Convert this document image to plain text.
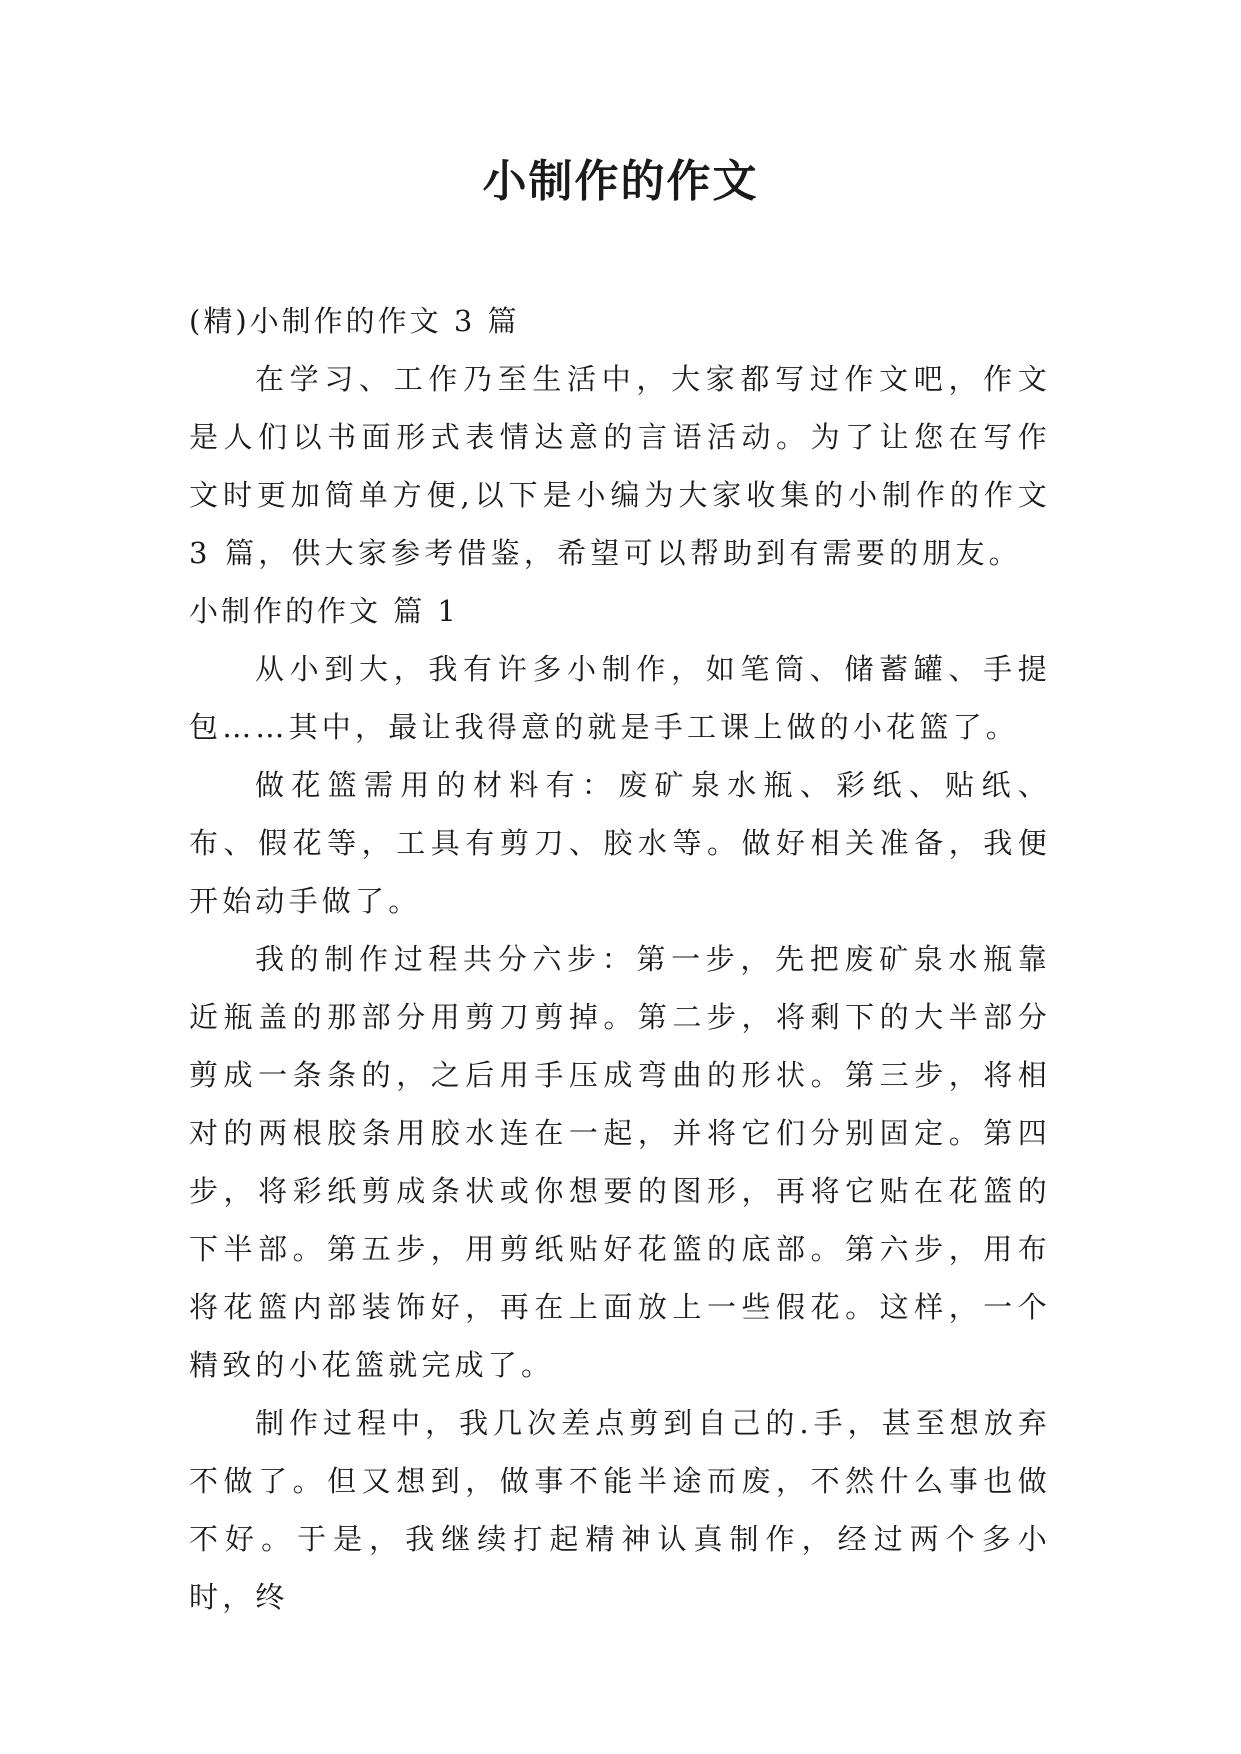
小制作的作文

(精)小制作的作文 3 篇

在学习、工作乃至生活中，大家都写过作文吧，作文是人们以书面形式表情达意的言语活动。为了让您在写作文时更加简单方便,以下是小编为大家收集的小制作的作文 3 篇，供大家参考借鉴，希望可以帮助到有需要的朋友。

小制作的作文 篇 1

从小到大，我有许多小制作，如笔筒、储蓄罐、手提包……其中，最让我得意的就是手工课上做的小花篮了。

做花篮需用的材料有：废矿泉水瓶、彩纸、贴纸、布、假花等，工具有剪刀、胶水等。做好相关准备，我便开始动手做了。

我的制作过程共分六步：第一步，先把废矿泉水瓶靠近瓶盖的那部分用剪刀剪掉。第二步，将剩下的大半部分剪成一条条的，之后用手压成弯曲的形状。第三步，将相对的两根胶条用胶水连在一起，并将它们分别固定。第四步，将彩纸剪成条状或你想要的图形，再将它贴在花篮的下半部。第五步，用剪纸贴好花篮的底部。第六步，用布将花篮内部装饰好，再在上面放上一些假花。这样，一个精致的小花篮就完成了。

制作过程中，我几次差点剪到自己的.手，甚至想放弃不做了。但又想到，做事不能半途而废，不然什么事也做不好。于是，我继续打起精神认真制作，经过两个多小时，终
